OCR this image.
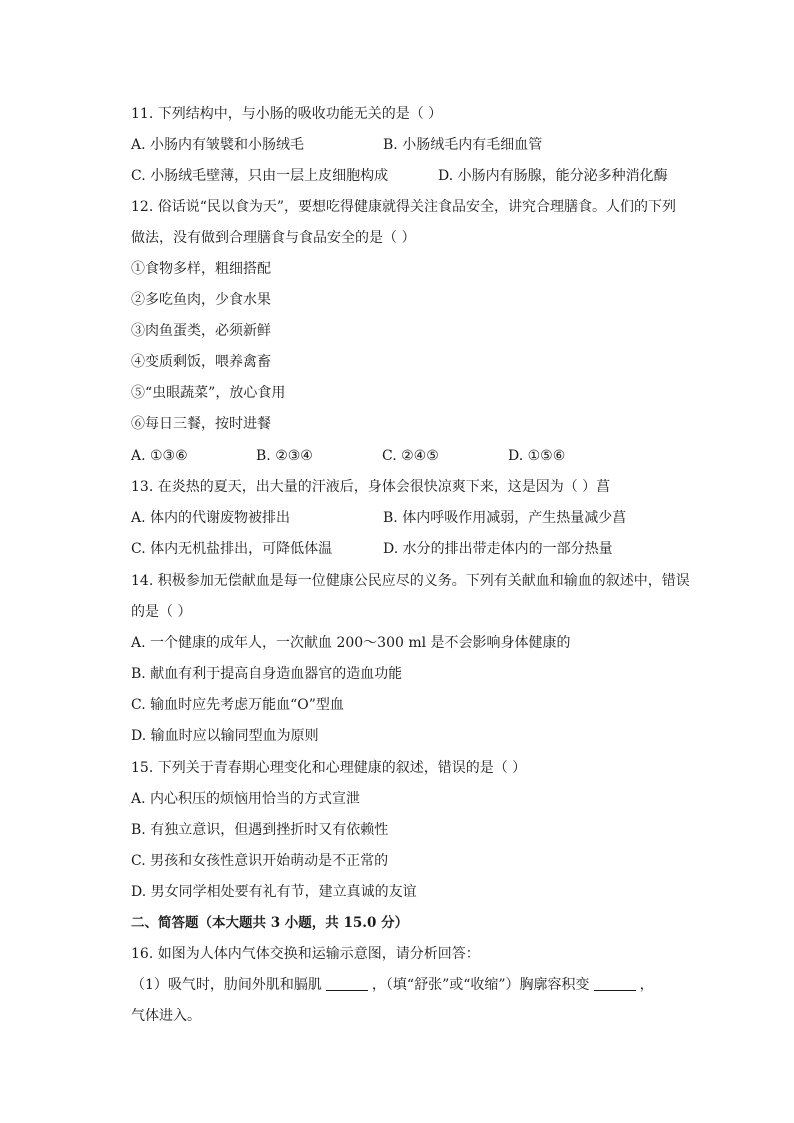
11. 下列结构中，与小肠的吸收功能无关的是（ ）
A. 小肠内有皱襞和小肠绒毛	B. 小肠绒毛内有毛细血管
C. 小肠绒毛壁薄，只由一层上皮细胞构成	D. 小肠内有肠腺，能分泌多种消化酶
12. 俗话说“民以食为天”，要想吃得健康就得关注食品安全，讲究合理膳食。人们的下列
做法，没有做到合理膳食与食品安全的是（ ）
①食物多样，粗细搭配
②多吃鱼肉，少食水果
③肉鱼蛋类，必须新鲜
④变质剩饭，喂养禽畜
⑤“虫眼蔬菜”，放心食用
⑥每日三餐，按时进餐
A. ①③⑥	B. ②③④	C. ②④⑤	D. ①⑤⑥
13. 在炎热的夏天，出大量的汗液后，身体会很快凉爽下来，这是因为（ ）菖
A. 体内的代谢废物被排出	B. 体内呼吸作用减弱，产生热量减少菖
C. 体内无机盐排出，可降低体温	D. 水分的排出带走体内的一部分热量
14. 积极参加无偿献血是每一位健康公民应尽的义务。下列有关献血和输血的叙述中，错误
的是（ ）
A. 一个健康的成年人，一次献血 200～300 ml 是不会影响身体健康的
B. 献血有利于提高自身造血器官的造血功能
C. 输血时应先考虑万能血“O”型血
D. 输血时应以输同型血为原则
15. 下列关于青春期心理变化和心理健康的叙述，错误的是（ ）
A. 内心积压的烦恼用恰当的方式宣泄
B. 有独立意识，但遇到挫折时又有依赖性
C. 男孩和女孩性意识开始萌动是不正常的
D. 男女同学相处要有礼有节，建立真诚的友谊
二、简答题（本大题共 3 小题，共 15.0 分）
16. 如图为人体内气体交换和运输示意图，请分析回答：
（1）吸气时，肋间外肌和膈肌	，（填“舒张”或“收缩”）胸廓容积变	，
气体进入。
